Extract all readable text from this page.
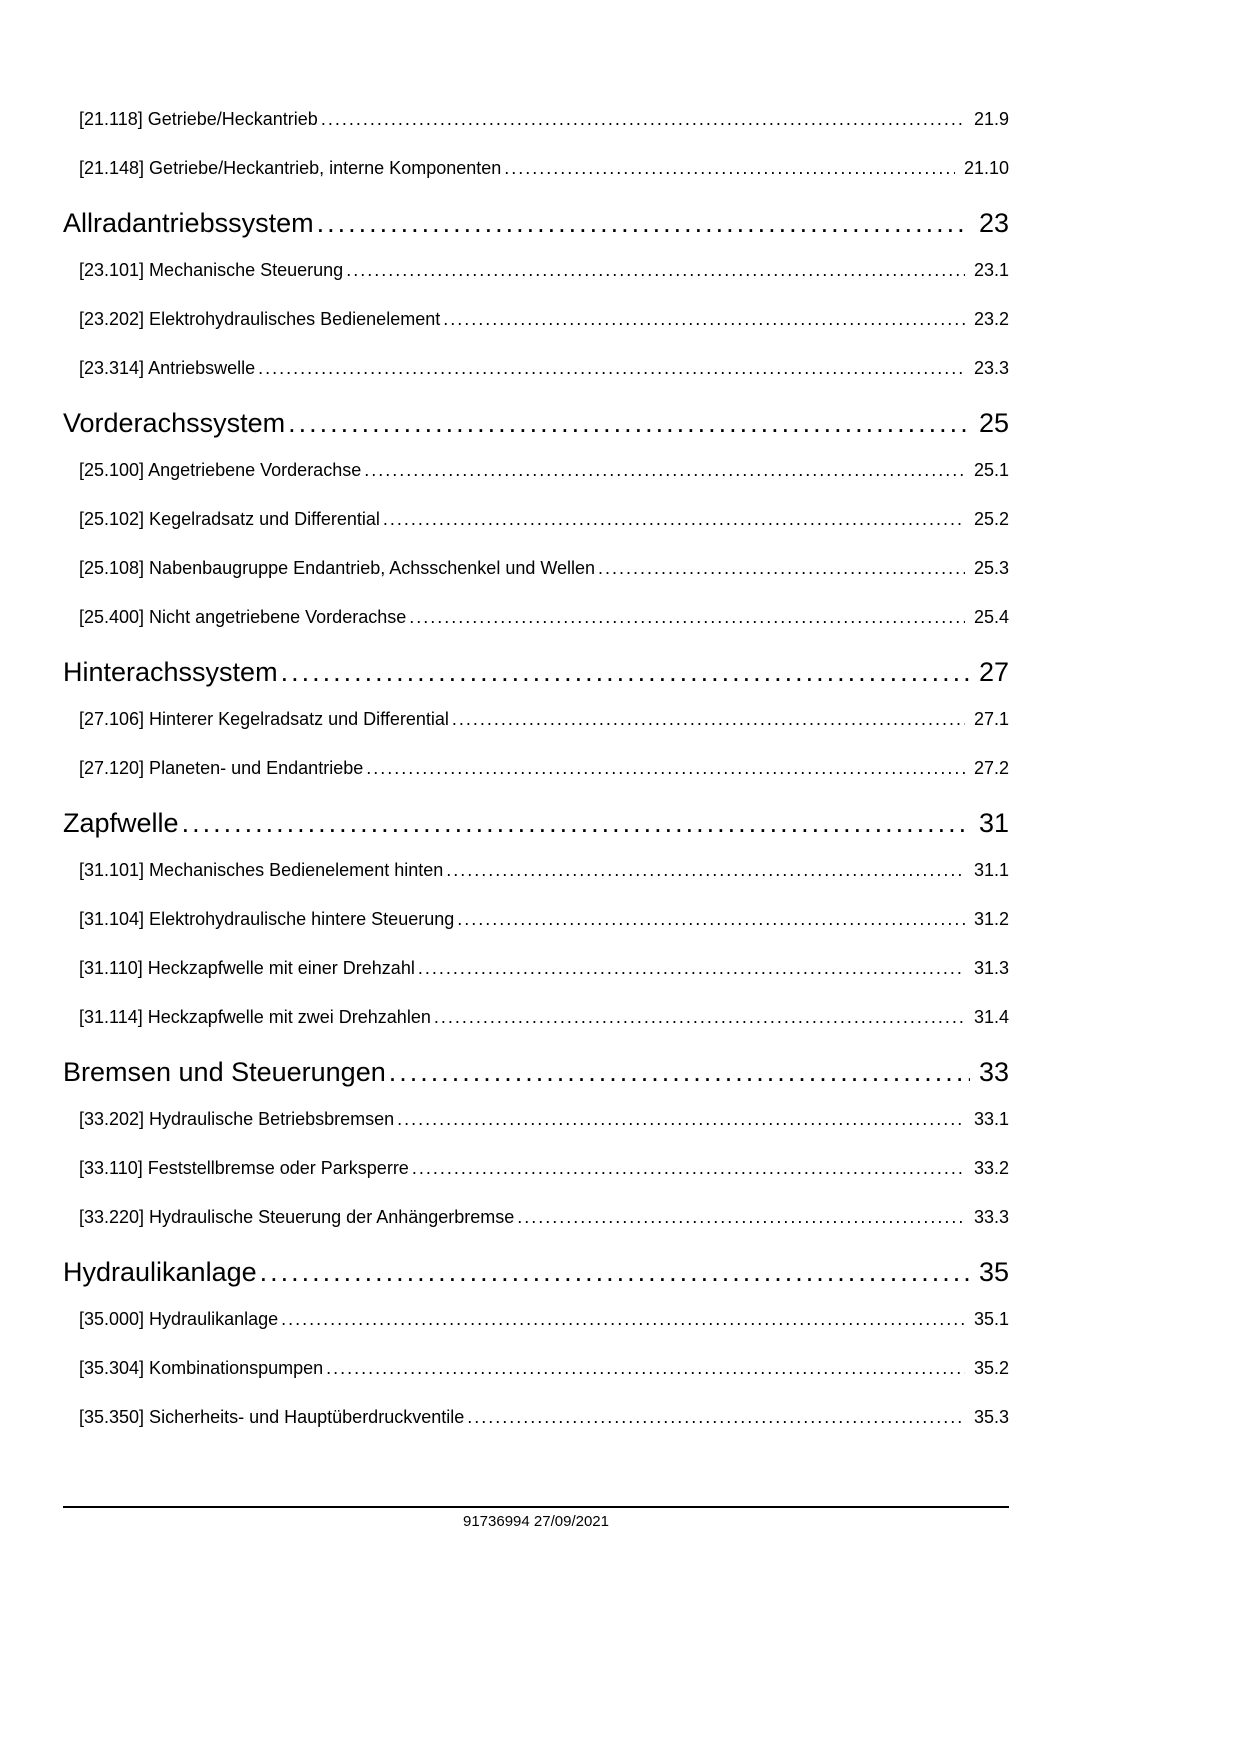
[21.118] Getriebe/Heckantrieb .....	21.9
[21.148] Getriebe/Heckantrieb, interne Komponenten .....	21.10
Allradantriebssystem .....	23
[23.101] Mechanische Steuerung .....	23.1
[23.202] Elektrohydraulisches Bedienelement .....	23.2
[23.314] Antriebswelle .....	23.3
Vorderachssystem .....	25
[25.100] Angetriebene Vorderachse .....	25.1
[25.102] Kegelradsatz und Differential .....	25.2
[25.108] Nabenbaugruppe Endantrieb, Achsschenkel und Wellen .....	25.3
[25.400] Nicht angetriebene Vorderachse .....	25.4
Hinterachssystem .....	27
[27.106] Hinterer Kegelradsatz und Differential .....	27.1
[27.120] Planeten- und Endantriebe .....	27.2
Zapfwelle .....	31
[31.101] Mechanisches Bedienelement hinten .....	31.1
[31.104] Elektrohydraulische hintere Steuerung .....	31.2
[31.110] Heckzapfwelle mit einer Drehzahl .....	31.3
[31.114] Heckzapfwelle mit zwei Drehzahlen .....	31.4
Bremsen und Steuerungen .....	33
[33.202] Hydraulische Betriebsbremsen .....	33.1
[33.110] Feststellbremse oder Parksperre .....	33.2
[33.220] Hydraulische Steuerung der Anhängerbremse .....	33.3
Hydraulikanlage .....	35
[35.000] Hydraulikanlage .....	35.1
[35.304] Kombinationspumpen .....	35.2
[35.350] Sicherheits- und Hauptüberdruckventile .....	35.3
91736994 27/09/2021
